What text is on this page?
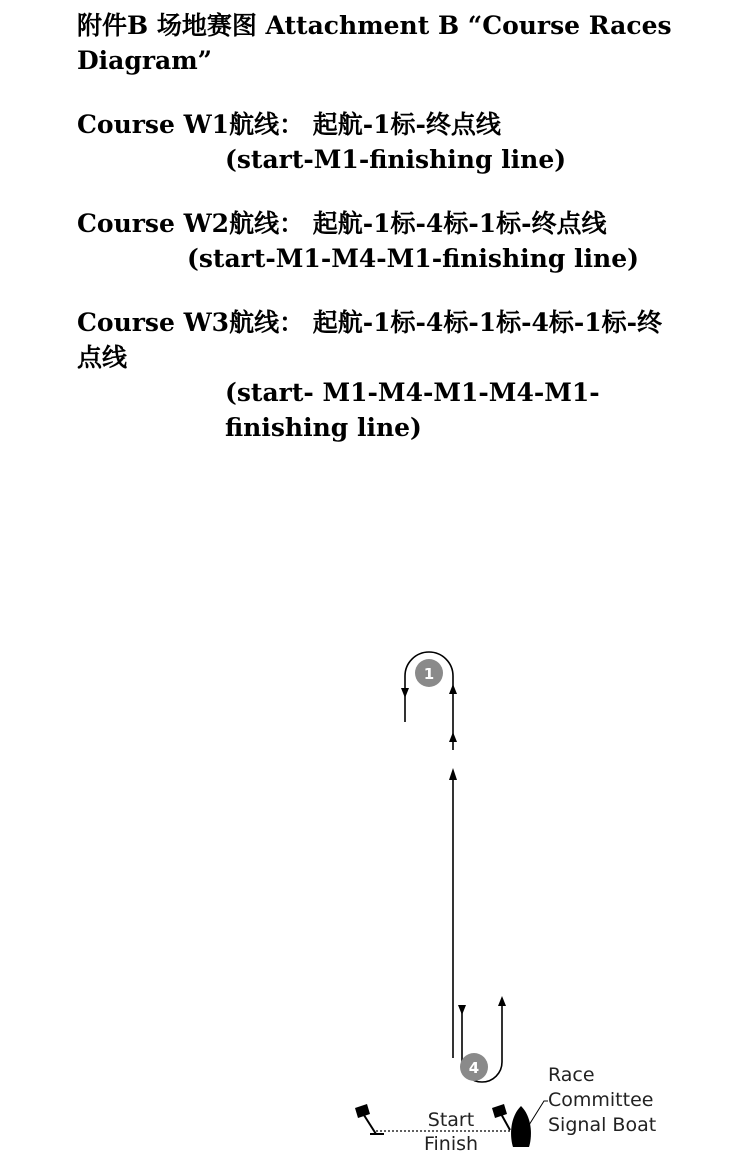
附件B 场地赛图 Attachment B “Course Races Diagram”

Course W1航线： 起航-1标-终点线

(start-M1-finishing line)

Course W2航线： 起航-1标-4标-1标-终点线

(start-M1-M4-M1-finishing line)

Course W3航线： 起航-1标-4标-1标-4标-1标-终点线

(start- M1-M4-M1-M4-M1-finishing line)

1
4
Start
Finish
Race
Committee
Signal Boat
